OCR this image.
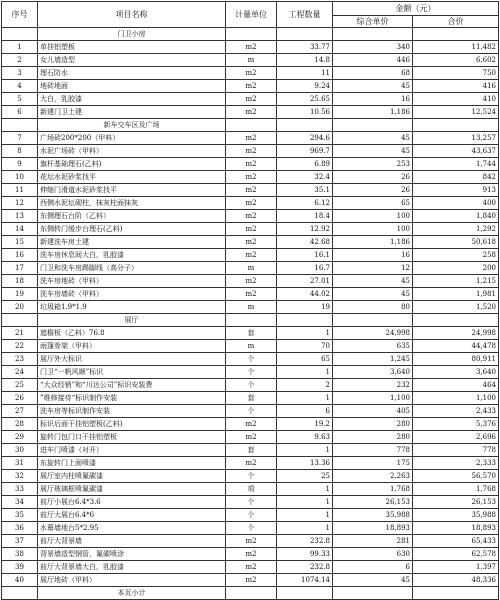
序号	项目名称	计量单位	工程数量	金额（元）	
				综合单价	合价
	门卫小房				
1	单挂铝塑板	m2	33.77	340	11,482
2	女儿墙造型	m	14.8	446	6,602
3	理石防水	m2	11	68	750
4	地砖地面	m2	9.24	45	416
5	大白，乳胶漆	m2	25.65	16	410
6	新建门卫土建	m2	10.56	1,186	12,524
	新车交车区及广场				
7	广场砖200*200（甲料）	m2	294.6	45	13,257
8	水泥广场砖（甲料）	m2	969.7	45	43,637
9	旗杆基础理石(乙料)	m2	6.89	253	1,744
10	花坛水泥砂浆找平	m2	32.4	26	842
11	伸缩门滑道水泥砂浆找平	m2	35.1	26	913
12	西侧水泥坛砌柱，抹灰柱面抹灰	m2	6.12	65	400
13	东侧理石台阶（乙料）	m2	18.4	100	1,840
14	东侧转门缓步台理石(乙料)	m2	12.92	100	1,292
15	新建洗车房土建	m2	42.68	1,186	50,618
16	洗车房休息间大白，乳胶漆	m2	16.1	16	258
17	门卫和洗车房踢脚线（高分子）	m	16.7	12	200
18	洗车房地砖（甲料）	m2	27.01	45	1,215
19	洗车房墙砖（甲料）	m2	44.02	45	1,981
20	垃圾箱1.9*1.9	m	19	80	1,520
	展厅				
21	遮檐板（乙料）76.8	套	1	24,998	24,998
22	雨篷骨架（甲料）	m	70	635	44,478
23	展厅外大标识	个	65	1,245	80,911
24	门卫“一帆风顺”标识	个	1	3,640	3,640
25	“大众经销”和“川达公司”标识安装费	个	2	232	464
26	”维修接待“标识制作安装	套	1	1,100	1,100
27	洗车房等标识制作安装	个	6	405	2,433
28	标识后面干挂铝塑板(乙料)	m2	19.2	280	5,376
29	旋转门包门口干挂铝塑板	m2	9.63	280	2,696
30	进车门喷漆（对开）	套	1	778	778
31	东旋转门上面喷漆	m2	13.36	175	2,333
32	展厅室内柱喷氟碳漆	个	25	2,263	56,570
33	展厅玻璃框喷氟碳漆	项	1	1,768	1,768
34	前厅小展台6.4*3.6	个	1	26,153	26,153
35	前厅大展台6.4*6	个	1	35,988	35,988
36	水幕墙地台5*2.95	个	1	18,893	18,893
37	前厅大背景墙	m2	232.8	281	65,433
38	背景墙造型钢管，氟碳喷涂	m2	99.33	630	62,578
39	前厅大背景墙大白，乳胶漆	m2	232.8	6	1,397
40	展厅地砖（甲料）	m2	1074.14	45	48,336
	本页小计				
